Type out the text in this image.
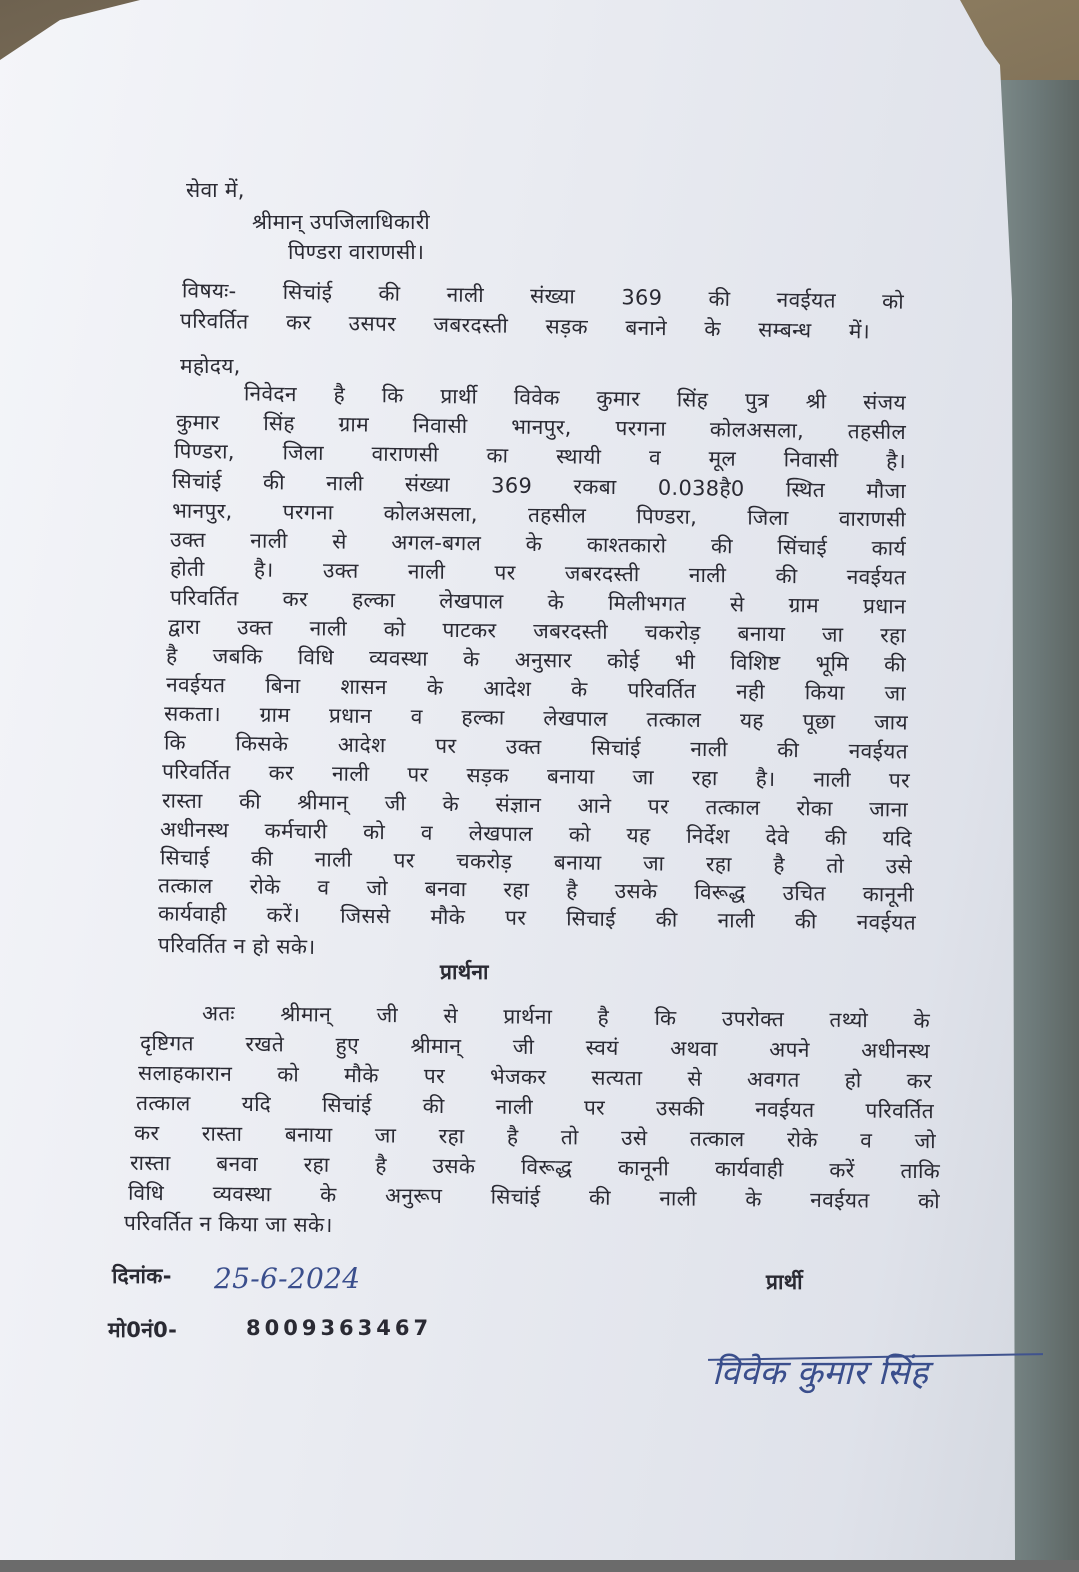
सेवा में,
श्रीमान् उपजिलाधिकारी
पिण्डरा वाराणसी।
विषयः- सिचांई की नाली संख्या 369 की नवईयत को
परिवर्तित कर उसपर जबरदस्ती सड़क बनाने के सम्बन्ध में।
महोदय,
निवेदन है कि प्रार्थी विवेक कुमार सिंह पुत्र श्री संजय
कुमार सिंह ग्राम निवासी भानपुर, परगना कोलअसला, तहसील
पिण्डरा, जिला वाराणसी का स्थायी व मूल निवासी है।
सिचांई की नाली संख्या 369 रकबा 0.038है0 स्थित मौजा
भानपुर, परगना कोलअसला, तहसील पिण्डरा, जिला वाराणसी
उक्त नाली से अगल-बगल के काश्तकारो की सिंचाई कार्य
होती है। उक्त नाली पर जबरदस्ती नाली की नवईयत
परिवर्तित कर हल्का लेखपाल के मिलीभगत से ग्राम प्रधान
द्वारा उक्त नाली को पाटकर जबरदस्ती चकरोड़ बनाया जा रहा
है जबकि विधि व्यवस्था के अनुसार कोई भी विशिष्ट भूमि की
नवईयत बिना शासन के आदेश के परिवर्तित नही किया जा
सकता। ग्राम प्रधान व हल्का लेखपाल तत्काल यह पूछा जाय
कि किसके आदेश पर उक्त सिचांई नाली की नवईयत
परिवर्तित कर नाली पर सड़क बनाया जा रहा है। नाली पर
रास्ता की श्रीमान् जी के संज्ञान आने पर तत्काल रोका जाना
अधीनस्थ कर्मचारी को व लेखपाल को यह निर्देश देवे की यदि
सिचाई की नाली पर चकरोड़ बनाया जा रहा है तो उसे
तत्काल रोके व जो बनवा रहा है उसके विरूद्ध उचित कानूनी
कार्यवाही करें। जिससे मौके पर सिचाई की नाली की नवईयत
परिवर्तित न हो सके।
प्रार्थना
अतः श्रीमान् जी से प्रार्थना है कि उपरोक्त तथ्यो के
दृष्टिगत रखते हुए श्रीमान् जी स्वयं अथवा अपने अधीनस्थ
सलाहकारान को मौके पर भेजकर सत्यता से अवगत हो कर
तत्काल यदि सिचांई की नाली पर उसकी नवईयत परिवर्तित
कर रास्ता बनाया जा रहा है तो उसे तत्काल रोके व जो
रास्ता बनवा रहा है उसके विरूद्ध कानूनी कार्यवाही करें ताकि
विधि व्यवस्था के अनुरूप सिचांई की नाली के नवईयत को
परिवर्तित न किया जा सके।
दिनांक- 25-6-2024
मो0नं0-	8009363467
प्रार्थी
विवेक कुमार सिंह
